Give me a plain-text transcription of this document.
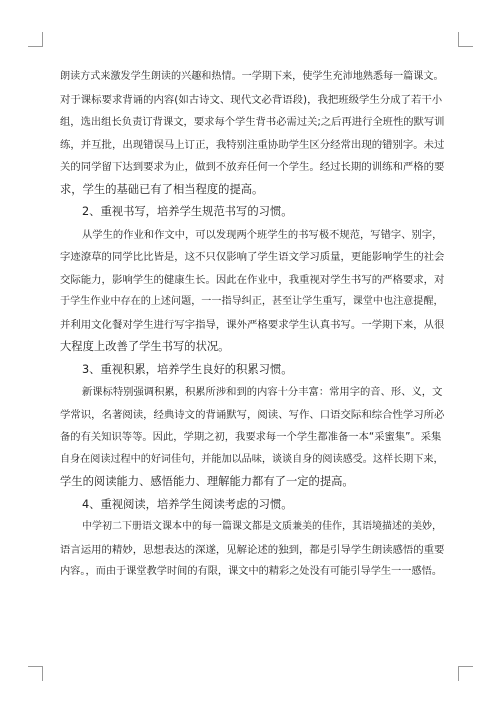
朗读方式来激发学生朗读的兴趣和热情。一学期下来，使学生充沛地熟悉每一篇课文。
对于课标要求背诵的内容(如古诗文、现代文必背语段)，我把班级学生分成了若干小
组，选出组长负责订背课文，要求每个学生背书必需过关;之后再进行全班性的默写训
练，并互批，出现错误马上订正，我特别注重协助学生区分经常出现的错别字。未过
关的同学留下达到要求为止，做到不放弃任何一个学生。经过长期的训练和严格的要
求，学生的基础已有了相当程度的提高。
2、重视书写，培养学生规范书写的习惯。
从学生的作业和作文中，可以发现两个班学生的书写极不规范，写错字、别字，
字迹潦草的同学比比皆是，这不只仅影响了学生语文学习质量，更能影响学生的社会
交际能力，影响学生的健康生长。因此在作业中，我重视对学生书写的严格要求，对
于学生作业中存在的上述问题，一一指导纠正，甚至让学生重写，课堂中也注意提醒，
并利用文化餐对学生进行写字指导，课外严格要求学生认真书写。一学期下来，从很
大程度上改善了学生书写的状况。
3、重视积累，培养学生良好的积累习惯。
新课标特别强调积累，积累所涉和到的内容十分丰富：常用字的音、形、义，文
学常识，名著阅读，经典诗文的背诵默写，阅读、写作、口语交际和综合性学习所必
备的有关知识等等。因此，学期之初，我要求每一个学生都准备一本“采蜜集”。采集
自身在阅读过程中的好词佳句，并能加以品味，谈谈自身的阅读感受。这样长期下来，
学生的阅读能力、感悟能力、理解能力都有了一定的提高。
4、重视阅读，培养学生阅读考虑的习惯。
中学初二下册语文课本中的每一篇课文都是文质兼美的佳作，其语境描述的美妙，
语言运用的精妙，思想表达的深遂，见解论述的独到，都是引导学生朗读感悟的重要
内容。，而由于课堂教学时间的有限，课文中的精彩之处没有可能引导学生一一感悟。
